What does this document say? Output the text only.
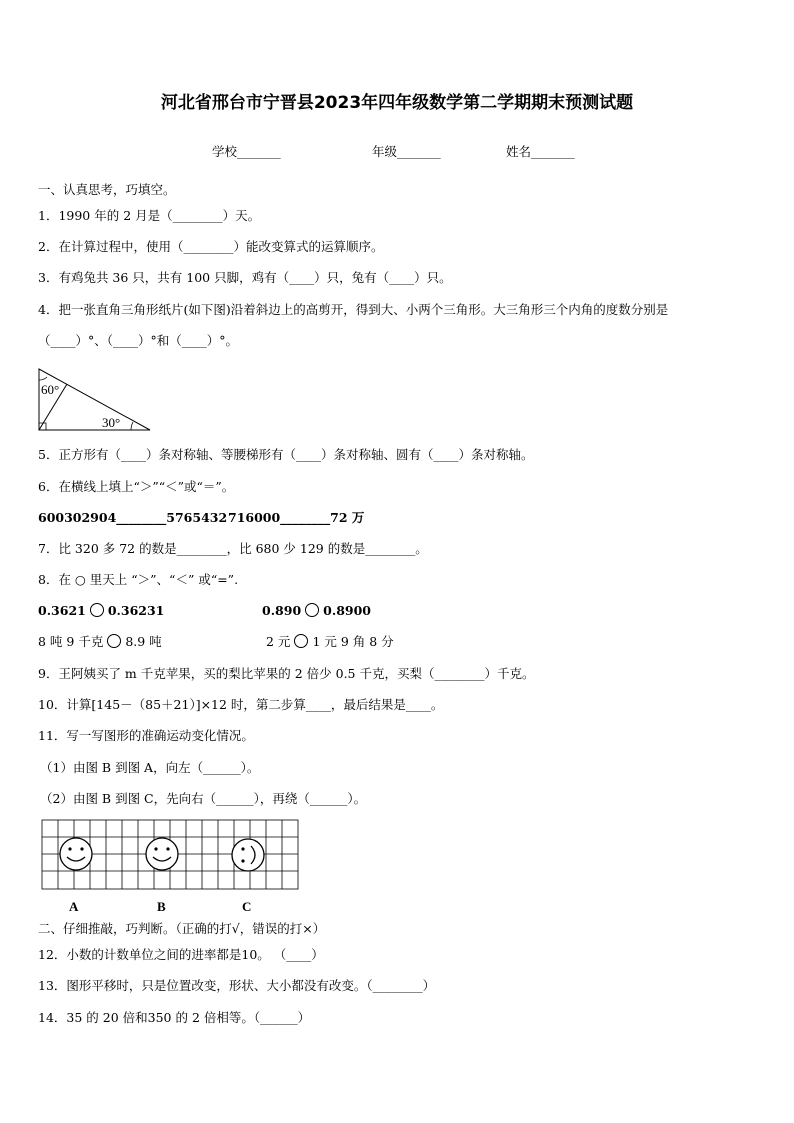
河北省邢台市宁晋县2023年四年级数学第二学期期末预测试题
学校_______	年级_______	姓名_______
一、认真思考，巧填空。
1．1990 年的 2 月是（________）天。
2．在计算过程中，使用（________）能改变算式的运算顺序。
3．有鸡兔共 36 只，共有 100 只脚，鸡有（____）只，兔有（____）只。
4．把一张直角三角形纸片(如下图)沿着斜边上的高剪开，得到大、小两个三角形。大三角形三个内角的度数分别是
（____）°、（____）°和（____）°。
60°
30°
5．正方形有（____）条对称轴、等腰梯形有（____）条对称轴、圆有（____）条对称轴。
6．在横线上填上“＞”“＜”或“＝”。
600302904________5765432 716000________72 万
7．比 320 多 72 的数是________，比 680 少 129 的数是________。
8．在 ○ 里天上 “＞”、“＜” 或“=”.
0.3621 0.36231	0.890 0.8900
8 吨 9 千克 8.9 吨	2 元 1 元 9 角 8 分
9．王阿姨买了 m 千克苹果，买的梨比苹果的 2 倍少 0.5 千克，买梨（________）千克。
10．计算[145－（85＋21）]×12 时，第二步算____，最后结果是____。
11．写一写图形的准确运动变化情况。
（1）由图 B 到图 A，向左（______）。
（2）由图 B 到图 C，先向右（______），再绕（______）。
A	B	C
二、仔细推敲，巧判断。（正确的打√，错误的打×）
12．小数的计数单位之间的进率都是10。 （____）
13．图形平移时，只是位置改变，形状、大小都没有改变。（________）
14．35 的 20 倍和350 的 2 倍相等。（______）
